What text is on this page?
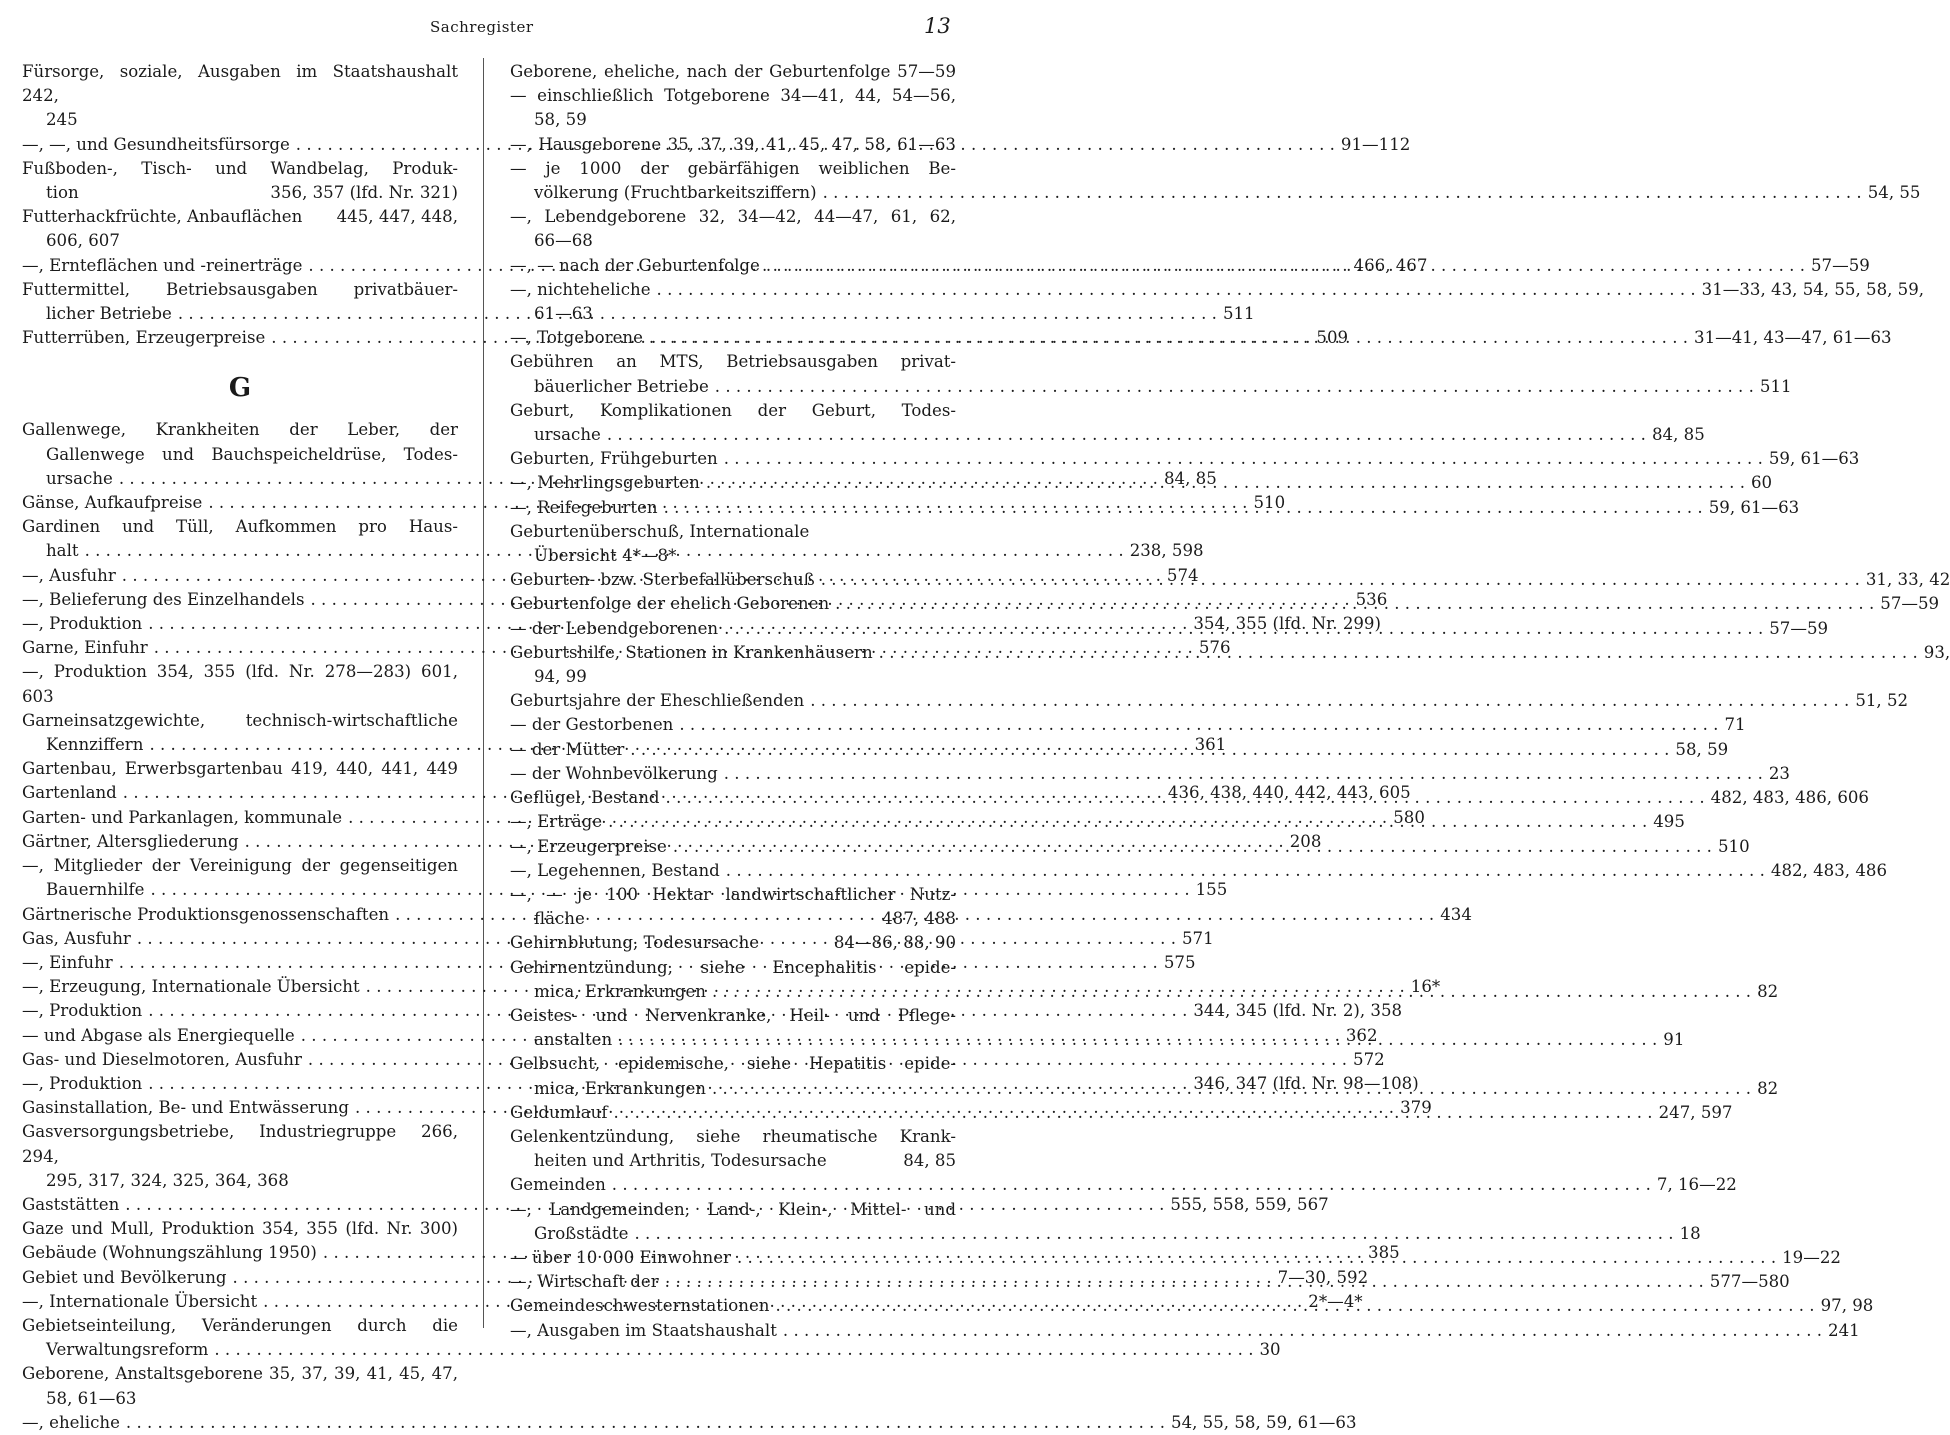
Sachregister	13
Fürsorge, soziale, Ausgaben im Staatshaushalt 242,
245
—, —, und Gesundheitsfürsorge . . .	91—112
Fußboden-, Tisch- und Wandbelag, Produk-
tion	356, 357 (lfd. Nr. 321)
Futterhackfrüchte, Anbauflächen 445, 447, 448,
606, 607
—, Ernteflächen und -reinerträge . . .	466, 467
Futtermittel, Betriebsausgaben privatbäuer-
licher Betriebe . . .	511
Futterrüben, Erzeugerpreise . . .	509
G
Gallenwege, Krankheiten der Leber, der
Gallenwege und Bauchspeicheldrüse, Todes-
ursache . . .	84, 85
Gänse, Aufkaufpreise . . .	510
Gardinen und Tüll, Aufkommen pro Haus-
halt . . .	238, 598
—, Ausfuhr . . .	574
—, Belieferung des Einzelhandels . . .	536
—, Produktion . . .	354, 355 (lfd. Nr. 299)
Garne, Einfuhr . . .	576
—, Produktion 354, 355 (lfd. Nr. 278—283) 601, 603
Garneinsatzgewichte, technisch-wirtschaftliche
Kennziffern . . .	361
Gartenbau, Erwerbsgartenbau 419, 440, 441, 449
Gartenland . . .	436, 438, 440, 442, 443, 605
Garten- und Parkanlagen, kommunale . . .	580
Gärtner, Altersgliederung . . .	208
—, Mitglieder der Vereinigung der gegenseitigen
Bauernhilfe . . .	155
Gärtnerische Produktionsgenossenschaften . . .	434
Gas, Ausfuhr . . .	571
—, Einfuhr . . .	575
—, Erzeugung, Internationale Übersicht . . .	16*
—, Produktion . . .	344, 345 (lfd. Nr. 2), 358
— und Abgase als Energiequelle . . .	362
Gas- und Dieselmotoren, Ausfuhr . . .	572
—, Produktion . . .	346, 347 (lfd. Nr. 98—108)
Gasinstallation, Be- und Entwässerung . . .	379
Gasversorgungsbetriebe, Industriegruppe 266, 294,
295, 317, 324, 325, 364, 368
Gaststätten . . .	555, 558, 559, 567
Gaze und Mull, Produktion 354, 355 (lfd. Nr. 300)
Gebäude (Wohnungszählung 1950) . . .	385
Gebiet und Bevölkerung . . .	7—30, 592
—, Internationale Übersicht . . .	2*—4*
Gebietseinteilung, Veränderungen durch die
Verwaltungsreform . . .	30
Geborene, Anstaltsgeborene 35, 37, 39, 41, 45, 47,
58, 61—63
—, eheliche . . .	54, 55, 58, 59, 61—63
Geborene, eheliche, nach der Geburtenfolge 57—59
— einschließlich Totgeborene 34—41, 44, 54—56,
58, 59
—, Hausgeborene 35, 37, 39, 41, 45, 47, 58, 61—63
— je 1000 der gebärfähigen weiblichen Be-
völkerung (Fruchtbarkeitsziffern) . . .	54, 55
—, Lebendgeborene 32, 34—42, 44—47, 61, 62,
66—68
—, — nach der Geburtenfolge . . .	57—59
—, nichteheliche . . .	31—33, 43, 54, 55, 58, 59,
61—63
—, Totgeborene . . .	31—41, 43—47, 61—63
Gebühren an MTS, Betriebsausgaben privat-
bäuerlicher Betriebe . . .	511
Geburt, Komplikationen der Geburt, Todes-
ursache . . .	84, 85
Geburten, Frühgeburten . . .	59, 61—63
—, Mehrlingsgeburten . . .	60
—, Reifegeburten . . .	59, 61—63
Geburtenüberschuß, Internationale
Übersicht 4*—8*
Geburten- bzw. Sterbefallüberschuß . . .	31, 33, 42
Geburtenfolge der ehelich Geborenen . . .	57—59
— der Lebendgeborenen . . .	57—59
Geburtshilfe, Stationen in Krankenhäusern . . .	93,
94, 99
Geburtsjahre der Eheschließenden . . .	51, 52
— der Gestorbenen . . .	71
— der Mütter . . .	58, 59
— der Wohnbevölkerung . . .	23
Geflügel, Bestand . . .	482, 483, 486, 606
—, Erträge . . .	495
—, Erzeugerpreise . . .	510
—, Legehennen, Bestand . . .	482, 483, 486
—, — je 100 Hektar landwirtschaftlicher Nutz-
fläche	487, 488
Gehirnblutung, Todesursache	84—86, 88, 90
Gehirnentzündung, siehe Encephalitis epide-
mica, Erkrankungen . . .	82
Geistes- und Nervenkranke, Heil- und Pflege-
anstalten . . .	91
Gelbsucht, epidemische, siehe Hepatitis epide-
mica, Erkrankungen . . .	82
Geldumlauf . . .	247, 597
Gelenkentzündung, siehe rheumatische Krank-
heiten und Arthritis, Todesursache	84, 85
Gemeinden . . .	7, 16—22
—, Landgemeinden, Land-, Klein-, Mittel- und
Großstädte . . .	18
— über 10 000 Einwohner . . .	19—22
—, Wirtschaft der . . .	577—580
Gemeindeschwesternstationen . . .	97, 98
—, Ausgaben im Staatshaushalt . . .	241
